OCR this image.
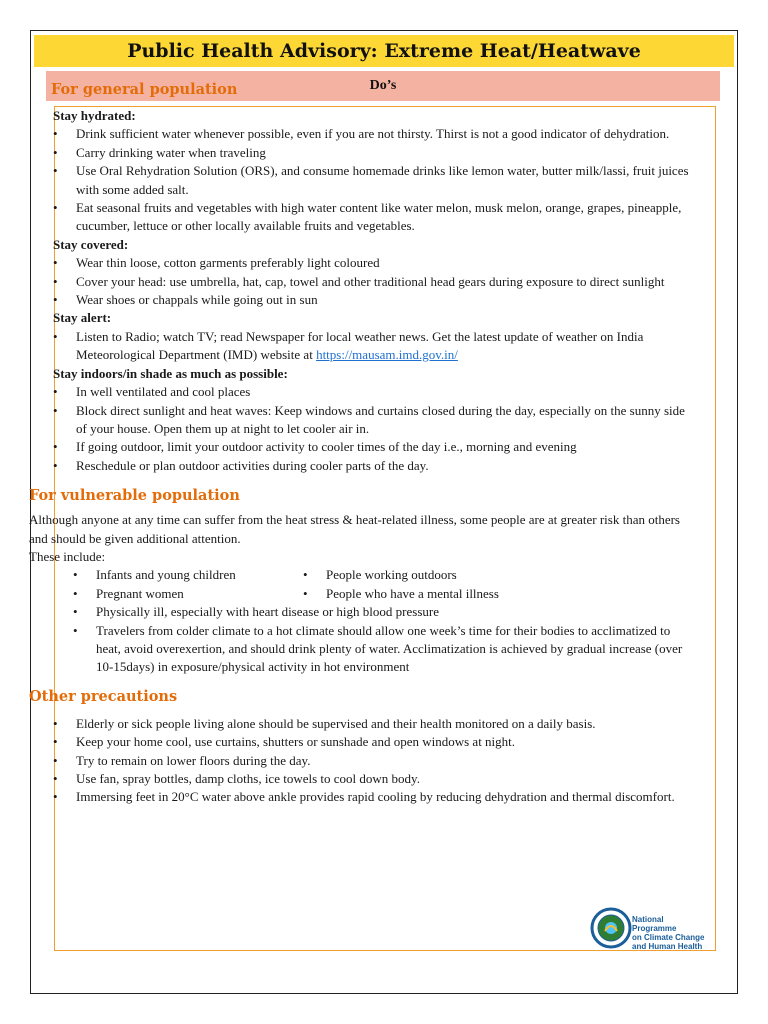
Public Health Advisory: Extreme Heat/Heatwave
Do’s
For general population
Stay hydrated:
• Drink sufficient water whenever possible, even if you are not thirsty. Thirst is not a good indicator of dehydration.
• Carry drinking water when traveling
• Use Oral Rehydration Solution (ORS), and consume homemade drinks like lemon water, butter milk/lassi, fruit juices with some added salt.
• Eat seasonal fruits and vegetables with high water content like water melon, musk melon, orange, grapes, pineapple, cucumber, lettuce or other locally available fruits and vegetables.
Stay covered:
• Wear thin loose, cotton garments preferably light coloured
• Cover your head: use umbrella, hat, cap, towel and other traditional head gears during exposure to direct sunlight
• Wear shoes or chappals while going out in sun
Stay alert:
• Listen to Radio; watch TV; read Newspaper for local weather news. Get the latest update of weather on India Meteorological Department (IMD) website at https://mausam.imd.gov.in/
Stay indoors/in shade as much as possible:
• In well ventilated and cool places
• Block direct sunlight and heat waves: Keep windows and curtains closed during the day, especially on the sunny side of your house. Open them up at night to let cooler air in.
• If going outdoor, limit your outdoor activity to cooler times of the day i.e., morning and evening
• Reschedule or plan outdoor activities during cooler parts of the day.
For vulnerable population
Although anyone at any time can suffer from the heat stress & heat-related illness, some people are at greater risk than others and should be given additional attention.
These include:
• Infants and young children	• People working outdoors
• Pregnant women	• People who have a mental illness
• Physically ill, especially with heart disease or high blood pressure
• Travelers from colder climate to a hot climate should allow one week’s time for their bodies to acclimatized to heat, avoid overexertion, and should drink plenty of water. Acclimatization is achieved by gradual increase (over 10-15days) in exposure/physical activity in hot environment
Other precautions
• Elderly or sick people living alone should be supervised and their health monitored on a daily basis.
• Keep your home cool, use curtains, shutters or sunshade and open windows at night.
• Try to remain on lower floors during the day.
• Use fan, spray bottles, damp cloths, ice towels to cool down body.
• Immersing feet in 20°C water above ankle provides rapid cooling by reducing dehydration and thermal discomfort.
National Programme
on Climate Change
and Human Health
